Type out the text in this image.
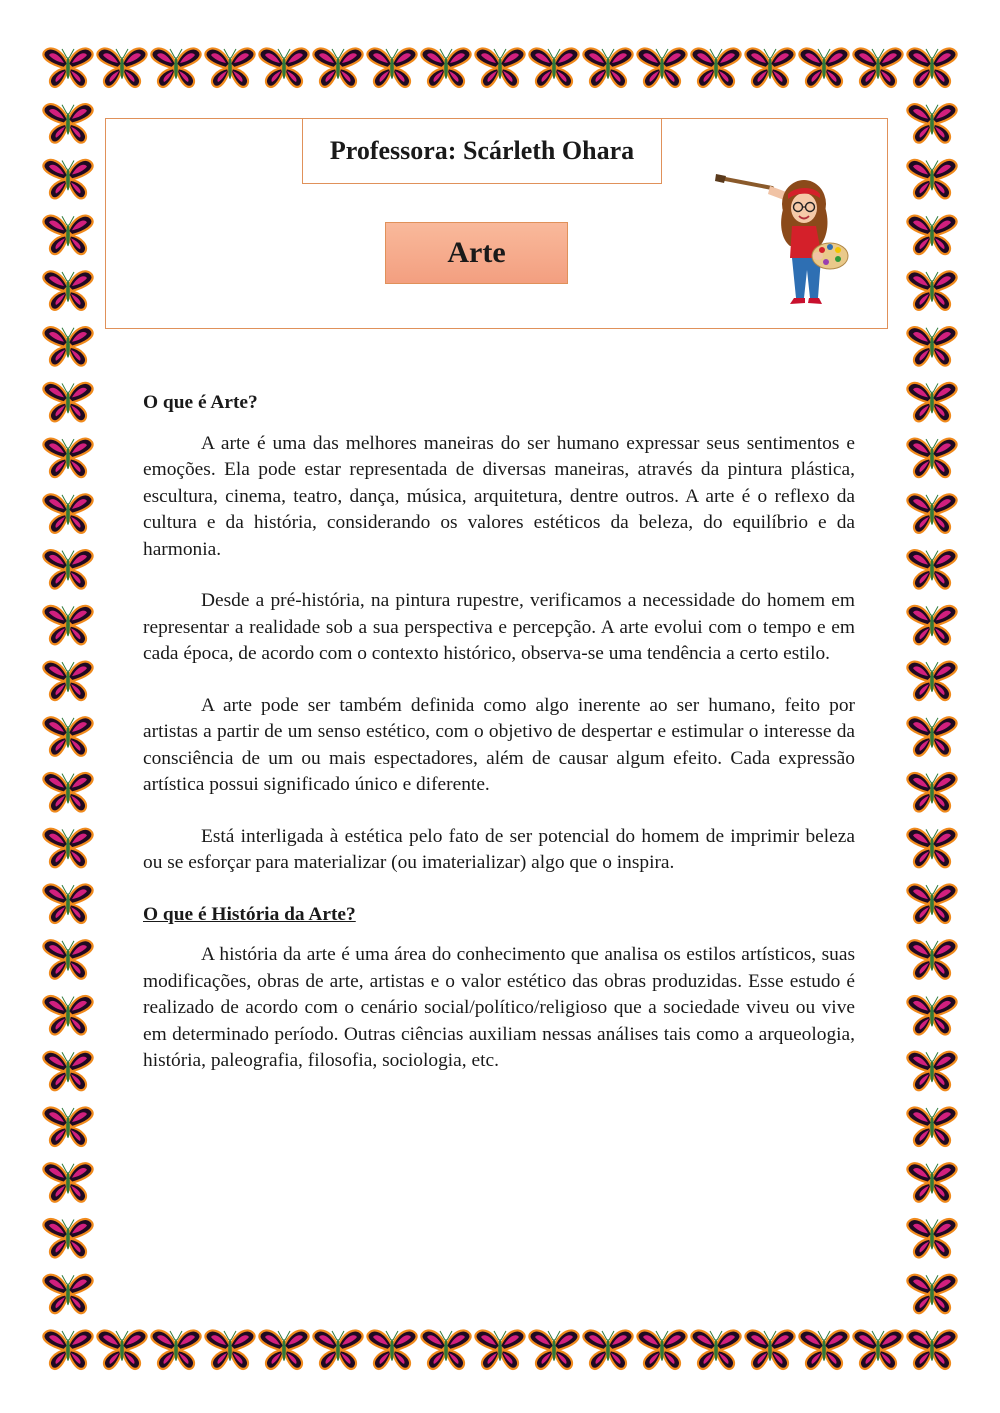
Professora: Scárleth Ohara
Arte
O que é Arte?

A arte é uma das melhores maneiras do ser humano expressar seus sentimentos e emoções. Ela pode estar representada de diversas maneiras, através da pintura plástica, escultura, cinema, teatro, dança, música, arquitetura, dentre outros. A arte é o reflexo da cultura e da história, considerando os valores estéticos da beleza, do equilíbrio e da harmonia.

Desde a pré-história, na pintura rupestre, verificamos a necessidade do homem em representar a realidade sob a sua perspectiva e percepção. A arte evolui com o tempo e em cada época, de acordo com o contexto histórico, observa-se uma tendência a certo estilo.

A arte pode ser também definida como algo inerente ao ser humano, feito por artistas a partir de um senso estético, com o objetivo de despertar e estimular o interesse da consciência de um ou mais espectadores, além de causar algum efeito. Cada expressão artística possui significado único e diferente.

Está interligada à estética pelo fato de ser potencial do homem de imprimir beleza ou se esforçar para materializar (ou imaterializar) algo que o inspira.

O que é História da Arte?

A história da arte é uma área do conhecimento que analisa os estilos artísticos, suas modificações, obras de arte, artistas e o valor estético das obras produzidas. Esse estudo é realizado de acordo com o cenário social/político/religioso que a sociedade viveu ou vive em determinado período. Outras ciências auxiliam nessas análises tais como a arqueologia, história, paleografia, filosofia, sociologia, etc.
